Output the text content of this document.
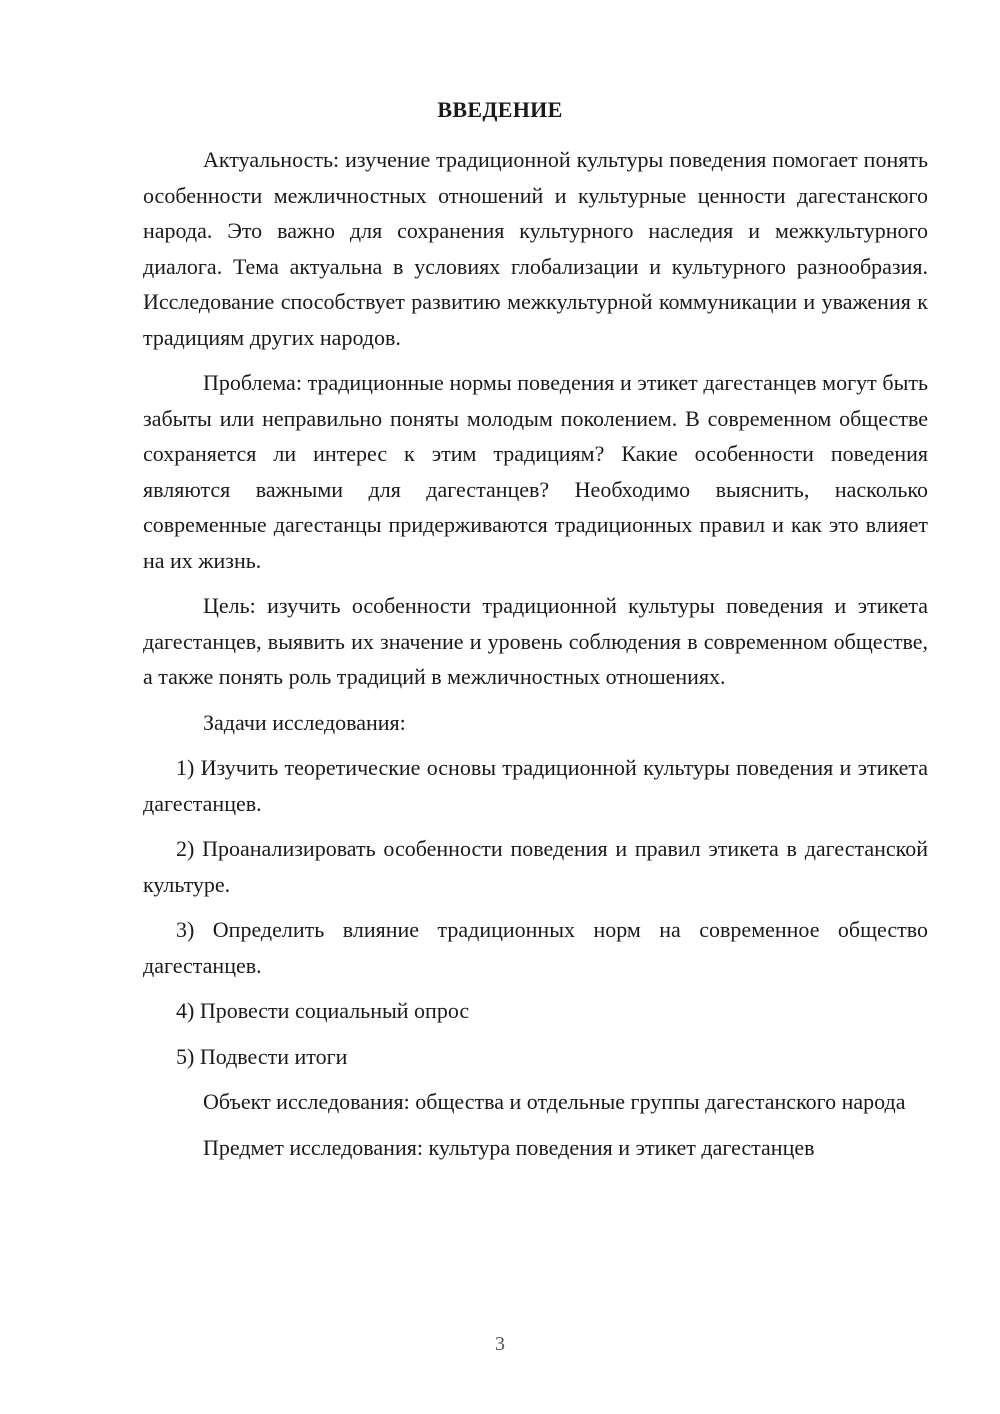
ВВЕДЕНИЕ

Актуальность: изучение традиционной культуры поведения помогает понять особенности межличностных отношений и культурные ценности дагестанского народа. Это важно для сохранения культурного наследия и межкультурного диалога. Тема актуальна в условиях глобализации и культурного разнообразия. Исследование способствует развитию межкультурной коммуникации и уважения к традициям других народов.

Проблема: традиционные нормы поведения и этикет дагестанцев могут быть забыты или неправильно поняты молодым поколением. В современном обществе сохраняется ли интерес к этим традициям? Какие особенности поведения являются важными для дагестанцев? Необходимо выяснить, насколько современные дагестанцы придерживаются традиционных правил и как это влияет на их жизнь.

Цель: изучить особенности традиционной культуры поведения и этикета дагестанцев, выявить их значение и уровень соблюдения в современном обществе, а также понять роль традиций в межличностных отношениях.

Задачи исследования:

1) Изучить теоретические основы традиционной культуры поведения и этикета дагестанцев.

2) Проанализировать особенности поведения и правил этикета в дагестанской культуре.

3) Определить влияние традиционных норм на современное общество дагестанцев.

4) Провести социальный опрос

5) Подвести итоги

Объект исследования: общества и отдельные группы дагестанского народа

Предмет исследования: культура поведения и этикет дагестанцев

3
